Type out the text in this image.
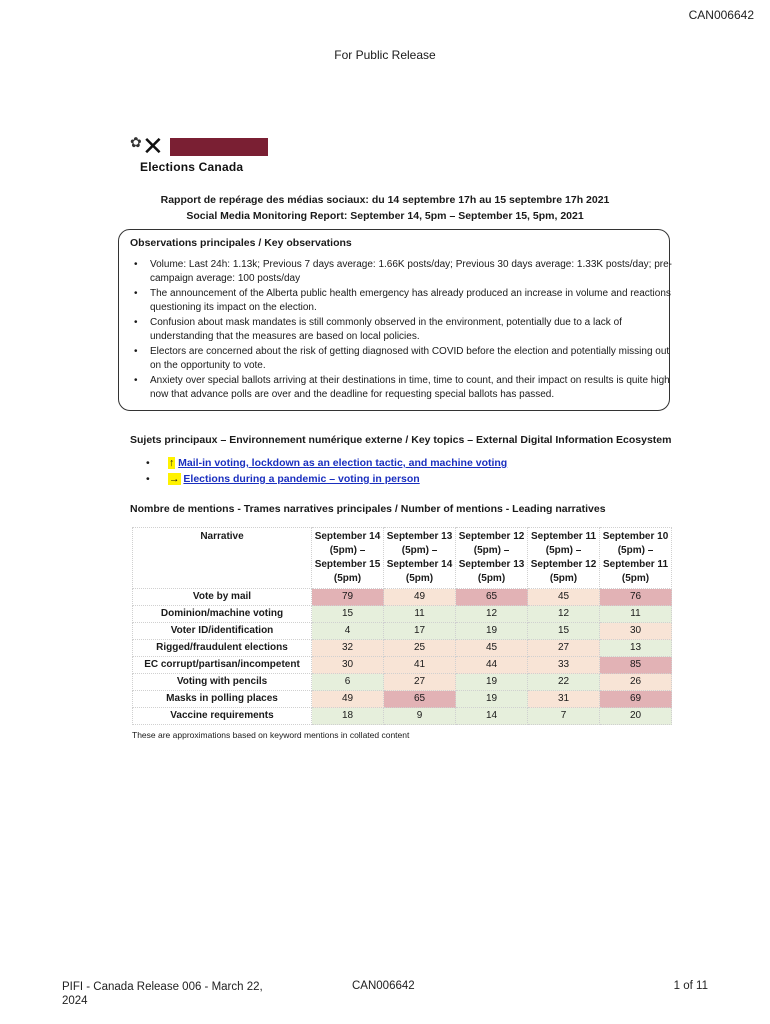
CAN006642
For Public Release
✿ ✕
Elections Canada
Rapport de repérage des médias sociaux: du 14 septembre 17h au 15 septembre 17h 2021
Social Media Monitoring Report: September 14, 5pm – September 15, 5pm, 2021
Observations principales / Key observations
• Volume: Last 24h: 1.13k; Previous 7 days average: 1.66K posts/day; Previous 30 days average: 1.33K posts/day; pre-campaign average: 100 posts/day
• The announcement of the Alberta public health emergency has already produced an increase in volume and reactions questioning its impact on the election.
• Confusion about mask mandates is still commonly observed in the environment, potentially due to a lack of understanding that the measures are based on local policies.
• Electors are concerned about the risk of getting diagnosed with COVID before the election and potentially missing out on the opportunity to vote.
• Anxiety over special ballots arriving at their destinations in time, time to count, and their impact on results is quite high now that advance polls are over and the deadline for requesting special ballots has passed.
Sujets principaux – Environnement numérique externe / Key topics – External Digital Information Ecosystem
• ↑ Mail-in voting, lockdown as an election tactic, and machine voting
• → Elections during a pandemic – voting in person
Nombre de mentions - Trames narratives principales / Number of mentions - Leading narratives
Narrative	September 14 (5pm) – September 15 (5pm)	September 13 (5pm) – September 14 (5pm)	September 12 (5pm) – September 13 (5pm)	September 11 (5pm) – September 12 (5pm)	September 10 (5pm) – September 11 (5pm)
Vote by mail	79	49	65	45	76
Dominion/machine voting	15	11	12	12	11
Voter ID/identification	4	17	19	15	30
Rigged/fraudulent elections	32	25	45	27	13
EC corrupt/partisan/incompetent	30	41	44	33	85
Voting with pencils	6	27	19	22	26
Masks in polling places	49	65	19	31	69
Vaccine requirements	18	9	14	7	20
These are approximations based on keyword mentions in collated content
PIFI - Canada Release 006 - March 22, 2024
CAN006642	1 of 11
